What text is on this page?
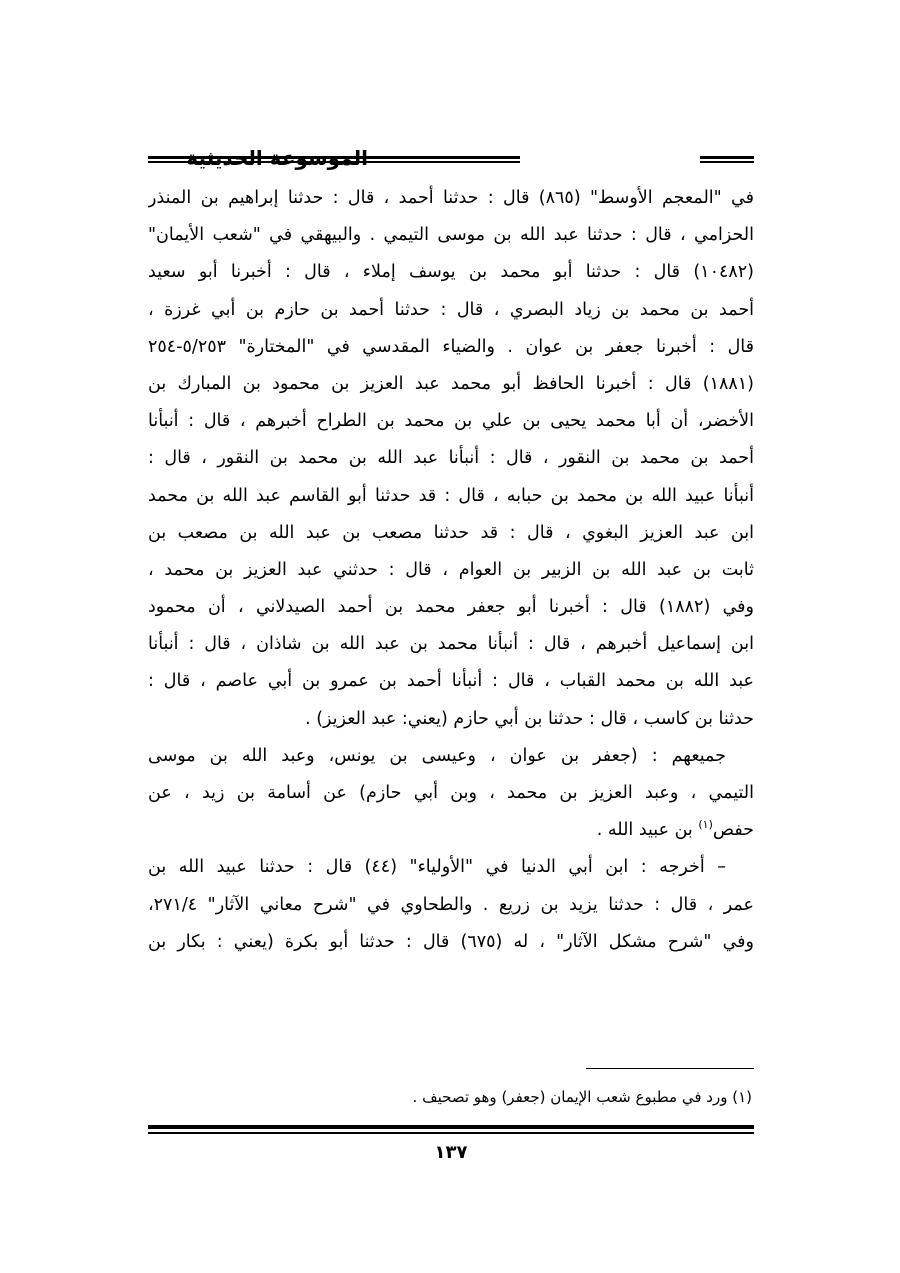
الموسوعة الحديثية
في "المعجم الأوسط" (٨٦٥) قال : حدثنا أحمد ، قال : حدثنا إبراهيم بن المنذر
الحزامي ، قال : حدثنا عبد الله بن موسى التيمي . والبيهقي في "شعب الأيمان"
(١٠٤٨٢) قال : حدثنا أبو محمد بن يوسف إملاء ، قال : أخبرنا أبو سعيد
أحمد بن محمد بن زياد البصري ، قال : حدثنا أحمد بن حازم بن أبي غرزة ،
قال : أخبرنا جعفر بن عوان . والضياء المقدسي في "المختارة" ٥/٢٥٣-٢٥٤
(١٨٨١) قال : أخبرنا الحافظ أبو محمد عبد العزيز بن محمود بن المبارك بن
الأخضر، أن أبا محمد يحيى بن علي بن محمد بن الطراح أخبرهم ، قال : أنبأنا
أحمد بن محمد بن النقور ، قال : أنبأنا عبد الله بن محمد بن النقور ، قال :
أنبأنا عبيد الله بن محمد بن حبابه ، قال : قد حدثنا أبو القاسم عبد الله بن محمد
ابن عبد العزيز البغوي ، قال : قد حدثنا مصعب بن عبد الله بن مصعب بن
ثابت بن عبد الله بن الزبير بن العوام ، قال : حدثني عبد العزيز بن محمد ،
وفي (١٨٨٢) قال : أخبرنا أبو جعفر محمد بن أحمد الصيدلاني ، أن محمود
ابن إسماعيل أخبرهم ، قال : أنبأنا محمد بن عبد الله بن شاذان ، قال : أنبأنا
عبد الله بن محمد القباب ، قال : أنبأنا أحمد بن عمرو بن أبي عاصم ، قال :
حدثنا بن كاسب ، قال : حدثنا بن أبي حازم (يعني: عبد العزيز) .
جميعهم : (جعفر بن عوان ، وعيسى بن يونس، وعبد الله بن موسى
التيمي ، وعبد العزيز بن محمد ، وبن أبي حازم) عن أسامة بن زيد ، عن
حفص$^{(١)}$ بن عبيد الله .
– أخرجه : ابن أبي الدنيا في "الأولياء" (٤٤) قال : حدثنا عبيد الله بن
عمر ، قال : حدثنا يزيد بن زريع . والطحاوي في "شرح معاني الآثار" ٢٧١/٤،
وفي "شرح مشكل الآثار" ، له (٦٧٥) قال : حدثنا أبو بكرة (يعني : بكار بن
(١) ورد في مطبوع شعب الإيمان (جعفر) وهو تصحيف .
١٣٧
